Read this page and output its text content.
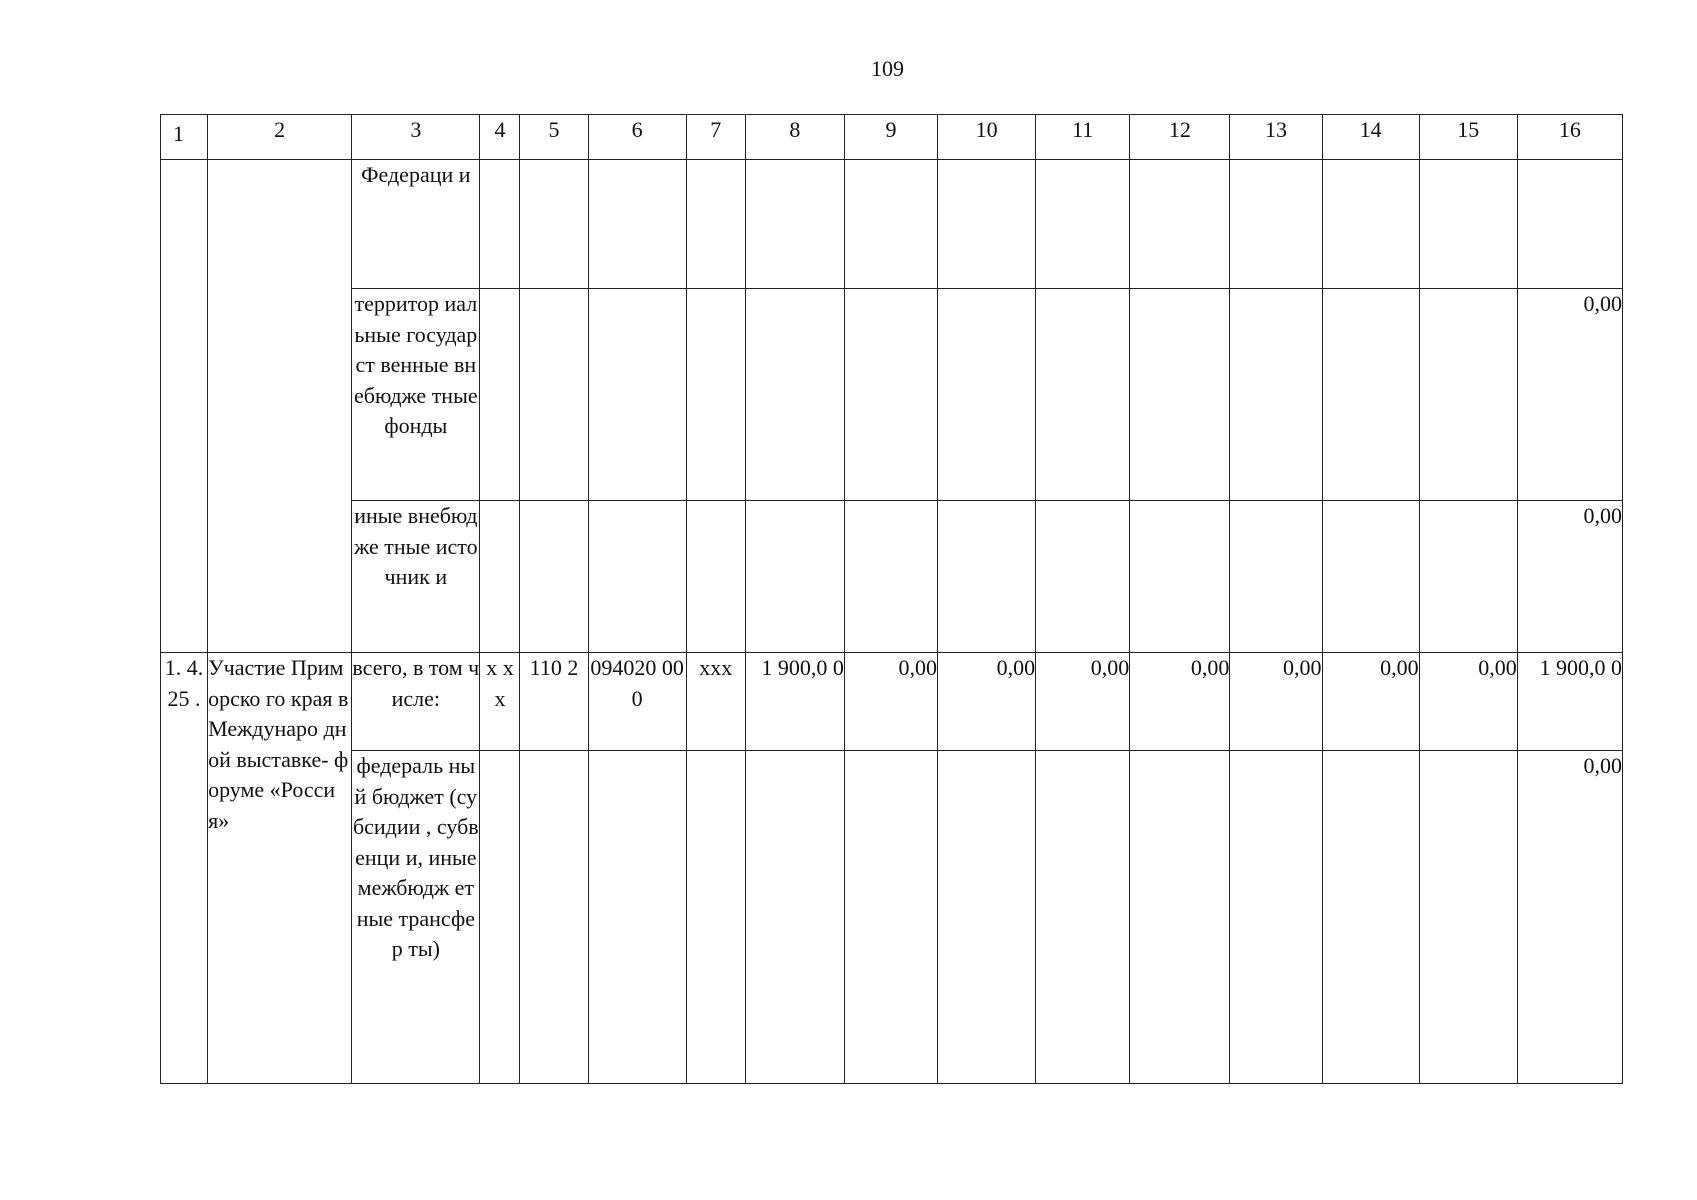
109
1	2	3	4	5	6	7	8	9	10	11	12	13	14	15	16
		Федераци и													
		территор иальные государст венные внебюдже тные фонды													0,00
		иные внебюдже тные источник и													0,00
1. 4. 25 .	Участие Приморско го края в Междунаро дной выставке- форуме «Россия»	всего, в том числе:	х х х	110 2	094020 000	ххх	1 900,0 0	0,00	0,00	0,00	0,00	0,00	0,00	0,00	1 900,0 0
		федераль ный бюджет (субсидии , субвенци и, иные межбюдж етные трансфер ты)													0,00
